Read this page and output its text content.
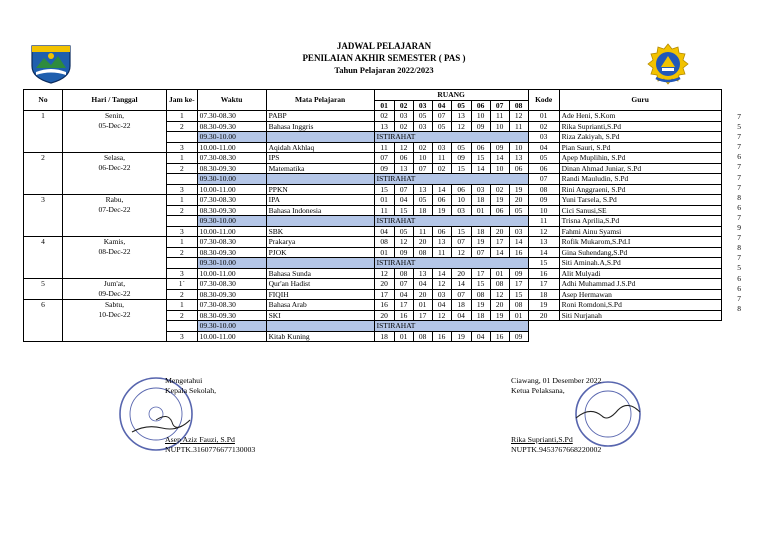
JADWAL PELAJARAN
PENILAIAN AKHIR SEMESTER ( PAS )
Tahun Pelajaran 2022/2023
No	Hari / Tanggal	Jam ke-	Waktu	Mata Pelajaran	RUANG								Kode	Guru
					01	02	03	04	05	06	07	08		
1	Senin,	1	07.30-08.30	PABP	02	03	05	07	13	10	11	12	01	Ade Heni, S.Kom
	05-Dec-22	2	08.30-09.30	Bahasa Inggris	13	02	03	05	12	09	10	11	02	Rika Suprianti,S.Pd
			09.30-10.00		ISTIRAHAT								03	Riza Zakiyah, S.Pd
		3	10.00-11.00	Aqidah Akhlaq	11	12	02	03	05	06	09	10	04	Pian Sauri, S.Pd
2	Selasa,	1	07.30-08.30	IPS	07	06	10	11	09	15	14	13	05	Apep Muplihin, S.Pd
	06-Dec-22	2	08.30-09.30	Matematika	09	13	07	02	15	14	10	06	06	Dinan Ahmad Juniar, S.Pd
			09.30-10.00		ISTIRAHAT								07	Randi Mauludin, S.Pd
		3	10.00-11.00	PPKN	15	07	13	14	06	03	02	19	08	Rini Anggraeni, S.Pd
3	Rabu,	1	07.30-08.30	IPA	01	04	05	06	10	18	19	20	09	Yuni Tarsela, S.Pd
	07-Dec-22	2	08.30-09.30	Bahasa Indonesia	11	15	18	19	03	01	06	05	10	Cici Sanusi,SE
			09.30-10.00		ISTIRAHAT								11	Trisna Aprilia,S.Pd
		3	10.00-11.00	SBK	04	05	11	06	15	18	20	03	12	Fahmi Ainu Syamsi
4	Kamis,	1	07.30-08.30	Prakarya	08	12	20	13	07	19	17	14	13	Rofik Mukarom,S.Pd.I
	08-Dec-22	2	08.30-09.30	PJOK	01	09	08	11	12	07	14	16	14	Gina Suhendang,S.Pd
			09.30-10.00		ISTIRAHAT								15	Siti Aminah.A,S.Pd
		3	10.00-11.00	Bahasa Sunda	12	08	13	14	20	17	01	09	16	Alit Mulyadi
5	Jum'at,	1`	07.30-08.30	Qur'an Hadist	20	07	04	12	14	15	08	17	17	Adhi Muhammad J.S.Pd
	09-Dec-22	2	08.30-09.30	FIQIH	17	04	20	03	07	08	12	15	18	Asep Hermawan
6	Sabtu,	1	07.30-08.30	Bahasa Arab	16	17	01	04	18	19	20	08	19	Roni Romdoni,S.Pd
	10-Dec-22	2	08.30-09.30	SKI	20	16	17	12	04	18	19	01	20	Siti Nurjanah
			09.30-10.00		ISTIRAHAT									
		3	10.00-11.00	Kitab Kuning	18	01	08	16	19	04	16	09		
7
5
7
7
6
7
7
7
8
6
7
9
7
8
7
5
6
6
7
8
Mengetahui
Kepala Sekolah,
Asep Aziz Fauzi, S.Pd
NUPTK.3160776677130003
Ciawang, 01 Desember 2022
Ketua Pelaksana,
Rika Suprianti,S.Pd
NUPTK.9453767668220002
